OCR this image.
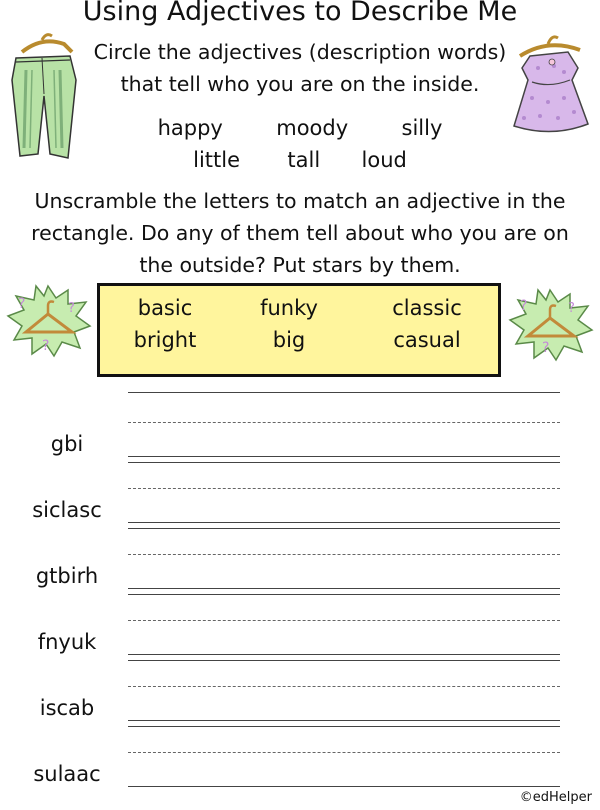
Using Adjectives to Describe Me
Circle the adjectives (description words)
that tell who you are on the inside.
happy	moody	silly
little tall loud
Unscramble the letters to match an adjective in the
rectangle. Do any of them tell about who you are on
the outside? Put stars by them.
?	?
?
?	?
?
basic	funky	classic
bright	big	casual
gbi
siclasc
gtbirh
fnyuk
iscab
sulaac
©edHelper
